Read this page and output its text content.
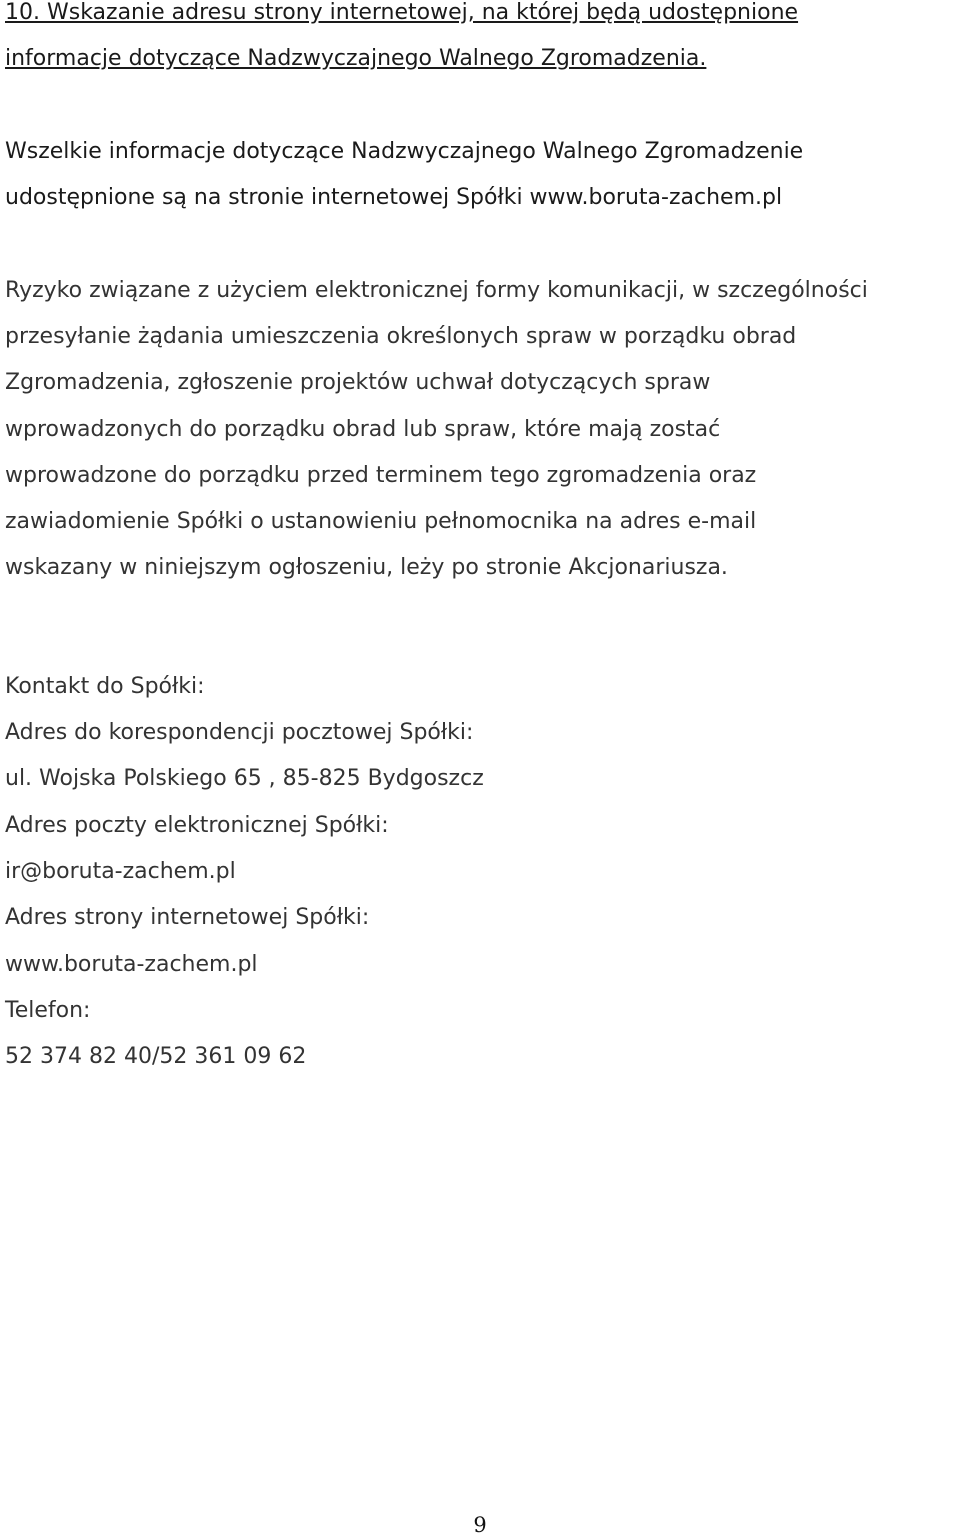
10. Wskazanie adresu strony internetowej, na której będą udostępnione
informacje dotyczące Nadzwyczajnego Walnego Zgromadzenia.
Wszelkie informacje dotyczące Nadzwyczajnego Walnego Zgromadzenie
udostępnione są na stronie internetowej Spółki www.boruta-zachem.pl
Ryzyko związane z użyciem elektronicznej formy komunikacji, w szczególności
przesyłanie żądania umieszczenia określonych spraw w porządku obrad
Zgromadzenia, zgłoszenie projektów uchwał dotyczących spraw
wprowadzonych do porządku obrad lub spraw, które mają zostać
wprowadzone do porządku przed terminem tego zgromadzenia oraz
zawiadomienie Spółki o ustanowieniu pełnomocnika na adres e-mail
wskazany w niniejszym ogłoszeniu, leży po stronie Akcjonariusza.
Kontakt do Spółki:
Adres do korespondencji pocztowej Spółki:
ul. Wojska Polskiego 65 , 85-825 Bydgoszcz
Adres poczty elektronicznej Spółki:
ir@boruta-zachem.pl
Adres strony internetowej Spółki:
www.boruta-zachem.pl
Telefon:
52 374 82 40/52 361 09 62
9
